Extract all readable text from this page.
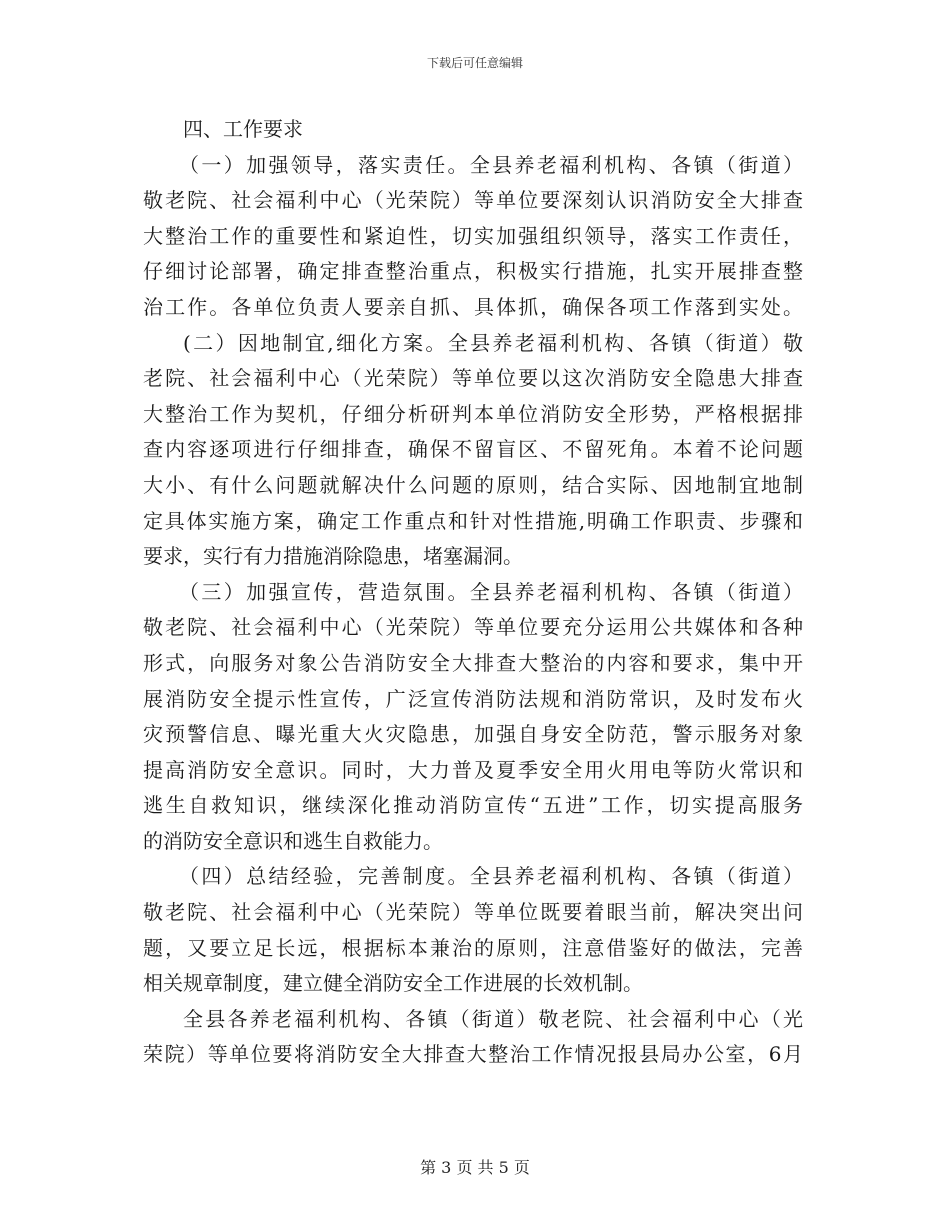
下载后可任意编辑

四、工作要求

（一）加强领导，落实责任。全县养老福利机构、各镇（街道）
敬老院、社会福利中心（光荣院）等单位要深刻认识消防安全大排查
大整治工作的重要性和紧迫性，切实加强组织领导，落实工作责任，
仔细讨论部署，确定排查整治重点，积极实行措施，扎实开展排查整
治工作。各单位负责人要亲自抓、具体抓，确保各项工作落到实处。

(二）因地制宜,细化方案。全县养老福利机构、各镇（街道）敬
老院、社会福利中心（光荣院）等单位要以这次消防安全隐患大排查
大整治工作为契机，仔细分析研判本单位消防安全形势，严格根据排
查内容逐项进行仔细排查，确保不留盲区、不留死角。本着不论问题
大小、有什么问题就解决什么问题的原则，结合实际、因地制宜地制
定具体实施方案，确定工作重点和针对性措施,明确工作职责、步骤和
要求，实行有力措施消除隐患，堵塞漏洞。

（三）加强宣传，营造氛围。全县养老福利机构、各镇（街道）
敬老院、社会福利中心（光荣院）等单位要充分运用公共媒体和各种
形式，向服务对象公告消防安全大排查大整治的内容和要求，集中开
展消防安全提示性宣传，广泛宣传消防法规和消防常识，及时发布火
灾预警信息、曝光重大火灾隐患，加强自身安全防范，警示服务对象
提高消防安全意识。同时，大力普及夏季安全用火用电等防火常识和
逃生自救知识，继续深化推动消防宣传“五进”工作，切实提高服务
的消防安全意识和逃生自救能力。

（四）总结经验，完善制度。全县养老福利机构、各镇（街道）
敬老院、社会福利中心（光荣院）等单位既要着眼当前，解决突出问
题，又要立足长远，根据标本兼治的原则，注意借鉴好的做法，完善
相关规章制度，建立健全消防安全工作进展的长效机制。

全县各养老福利机构、各镇（街道）敬老院、社会福利中心（光
荣院）等单位要将消防安全大排查大整治工作情况报县局办公室，6月

第 3 页 共 5 页
